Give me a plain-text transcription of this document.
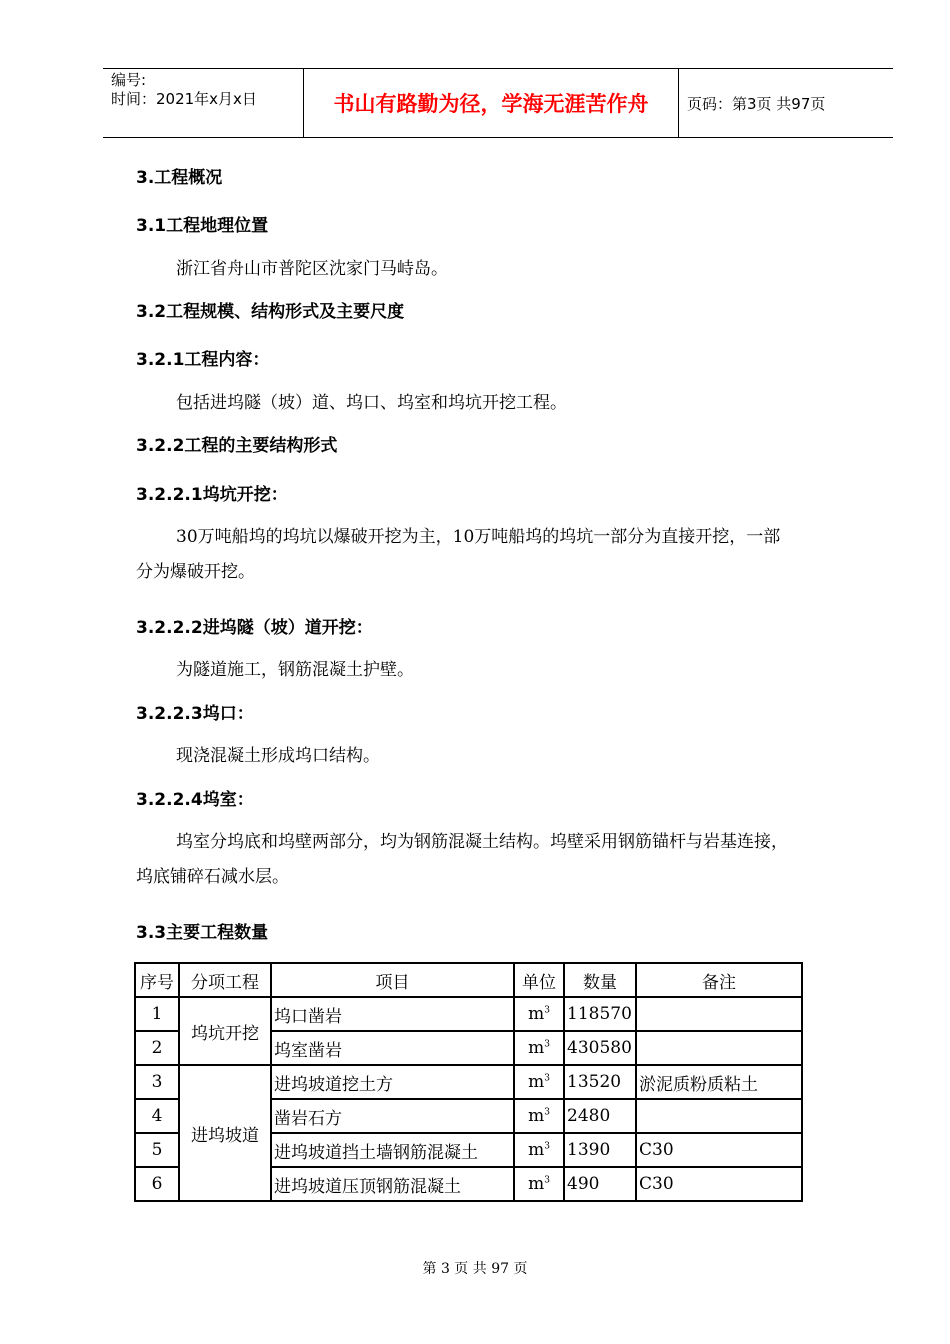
编号:
时间：2021年x月x日	书山有路勤为径，学海无涯苦作舟	页码：第3页 共97页
3.工程概况
3.1工程地理位置
浙江省舟山市普陀区沈家门马峙岛。
3.2工程规模、结构形式及主要尺度
3.2.1工程内容：
包括进坞隧（坡）道、坞口、坞室和坞坑开挖工程。
3.2.2工程的主要结构形式
3.2.2.1坞坑开挖：
30万吨船坞的坞坑以爆破开挖为主，10万吨船坞的坞坑一部分为直接开挖，一部
分为爆破开挖。
3.2.2.2进坞隧（坡）道开挖：
为隧道施工，钢筋混凝土护壁。
3.2.2.3坞口：
现浇混凝土形成坞口结构。
3.2.2.4坞室：
坞室分坞底和坞壁两部分，均为钢筋混凝土结构。坞壁采用钢筋锚杆与岩基连接，
坞底铺碎石减水层。
3.3主要工程数量
序号	分项工程	项目	单位	数量	备注
1	坞坑开挖	坞口凿岩	$m^3$	118570	
2		坞室凿岩	$m^3$	430580	
3	进坞坡道	进坞坡道挖土方	$m^3$	13520	淤泥质粉质粘土
4		凿岩石方	$m^3$	2480	
5		进坞坡道挡土墙钢筋混凝土	$m^3$	1390	C30
6		进坞坡道压顶钢筋混凝土	$m^3$	490	C30
第 3 页 共 97 页
